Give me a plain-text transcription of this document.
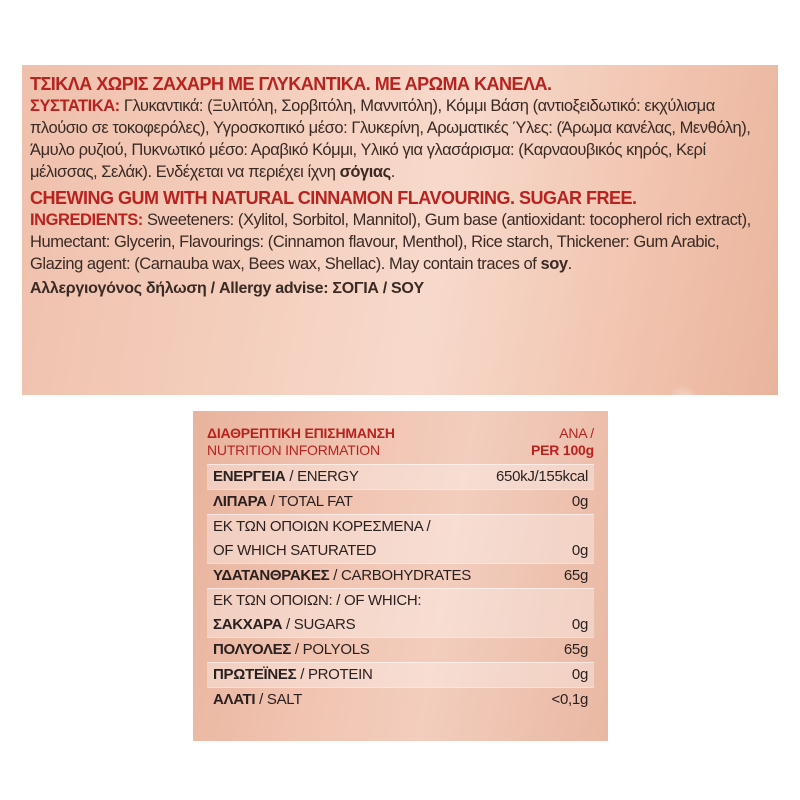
ΤΣΙΚΛΑ ΧΩΡΙΣ ΖΑΧΑΡΗ ΜΕ ΓΛΥΚΑΝΤΙΚΑ. ΜΕ ΑΡΩΜΑ ΚΑΝΕΛΑ.

ΣΥΣΤΑΤΙΚΑ: Γλυκαντικά: (Ξυλιτόλη, Σορβιτόλη, Μαννιτόλη), Κόμμι Βάση (αντιοξειδωτικό: εκχύλισμα πλούσιο σε τοκοφερόλες), Υγροσκοπικό μέσο: Γλυκερίνη, Αρωματικές Ύλες: (Άρωμα κανέλας, Μενθόλη), Άμυλο ρυζιού, Πυκνωτικό μέσο: Αραβικό Κόμμι, Υλικό για γλασάρισμα: (Καρναουβικός κηρός, Κερί μέλισσας, Σελάκ). Ενδέχεται να περιέχει ίχνη σόγιας.

CHEWING GUM WITH NATURAL CINNAMON FLAVOURING. SUGAR FREE.

INGREDIENTS: Sweeteners: (Xylitol, Sorbitol, Mannitol), Gum base (antioxidant: tocopherol rich extract), Humectant: Glycerin, Flavourings: (Cinnamon flavour, Menthol), Rice starch, Thickener: Gum Arabic, Glazing agent: (Carnauba wax, Bees wax, Shellac). May contain traces of soy.

Αλλεργιογόνος δήλωση / Allergy advise: ΣΟΓΙΑ / SOY

ΔΙΑΘΡΕΠΤΙΚΗ ΕΠΙΣΗΜΑΝΣΗ
NUTRITION INFORMATION
ΑΝΑ /
PER 100g
ΕΝΕΡΓΕΙΑ / ENERGY	650kJ/155kcal
ΛΙΠΑΡΑ / TOTAL FAT	0g
ΕΚ ΤΩΝ ΟΠΟΙΩΝ ΚΟΡΕΣΜΕΝΑ /
OF WHICH SATURATED	0g
ΥΔΑΤΑΝΘΡΑΚΕΣ / CARBOHYDRATES	65g
ΕΚ ΤΩΝ ΟΠΟΙΩΝ: / OF WHICH:
ΣΑΚΧΑΡΑ / SUGARS	0g
ΠΟΛΥΟΛΕΣ / POLYOLS	65g
ΠΡΩΤΕΪΝΕΣ / PROTEIN	0g
ΑΛΑΤΙ / SALT	<0,1g
